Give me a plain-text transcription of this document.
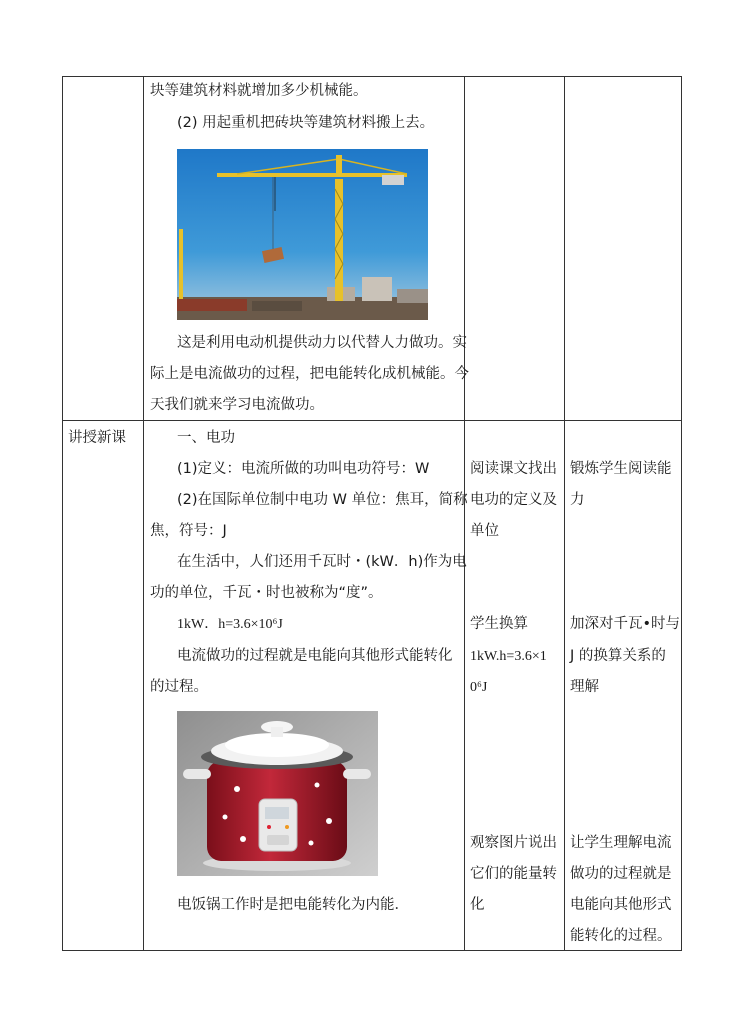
块等建筑材料就增加多少机械能。
(2) 用起重机把砖块等建筑材料搬上去。
这是利用电动机提供动力以代替人力做功。实
际上是电流做功的过程，把电能转化成机械能。今
天我们就来学习电流做功。
讲授新课	一、电功
(1)定义：电流所做的功叫电功符号：W
(2)在国际单位制中电功 W 单位：焦耳，简称
焦，符号：J
在生活中，人们还用千瓦时・(kW．h)作为电
功的单位，千瓦・时也被称为“度”。
1kW．h=3.6×10⁶J
电流做功的过程就是电能向其他形式能转化
的过程。
电饭锅工作时是把电能转化为内能．
阅读课文找出
电功的定义及
单位
学生换算
1kW.h=3.6×1
0⁶J
观察图片说出
它们的能量转
化
锻炼学生阅读能
力
加深对千瓦•时与
J 的换算关系的
理解
让学生理解电流
做功的过程就是
电能向其他形式
能转化的过程。
